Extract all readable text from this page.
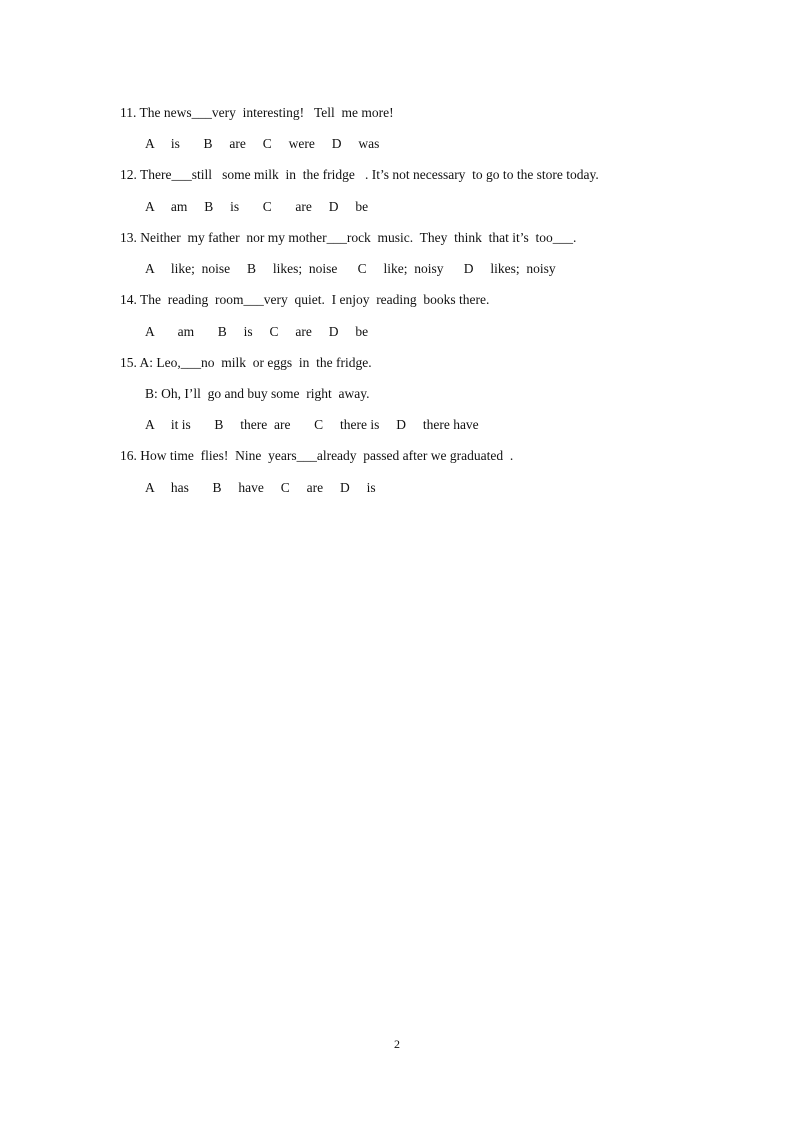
11. The news___very  interesting!   Tell  me more!
A     is       B     are     C     were     D     was
12. There___still   some milk  in  the fridge   . It’s not necessary  to go to the store today.
A     am     B     is       C       are     D     be
13. Neither  my father  nor my mother___rock  music.  They  think  that it’s  too___.
A     like;  noise     B     likes;  noise      C     like;  noisy      D     likes;  noisy
14. The  reading  room___very  quiet.  I enjoy  reading  books there.
A       am       B     is     C     are     D     be
15. A: Leo,___no  milk  or eggs  in  the fridge.
B: Oh, I’ll  go and buy some  right  away.
A     it is       B     there  are       C     there is     D     there have
16. How time  flies!  Nine  years___already  passed after we graduated  .
A     has       B     have     C     are     D     is
2
